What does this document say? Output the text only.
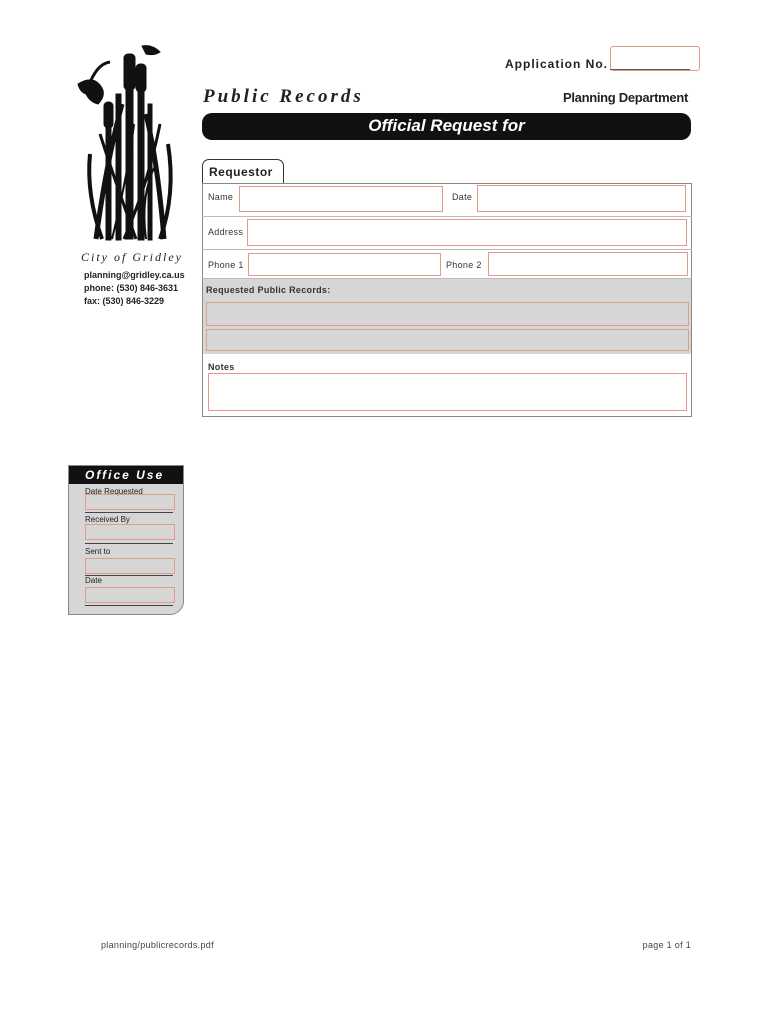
City of Gridley
planning@gridley.ca.us
phone: (530) 846-3631
fax: (530) 846-3229
Application No.
Public Records	Planning Department
Official Request for
Requestor
Name	Date
Address
Phone 1	Phone 2
Requested Public Records:
Notes
Office Use
Date Requested
Received By
Sent to
Date
planning/publicrecords.pdf	page 1 of 1
